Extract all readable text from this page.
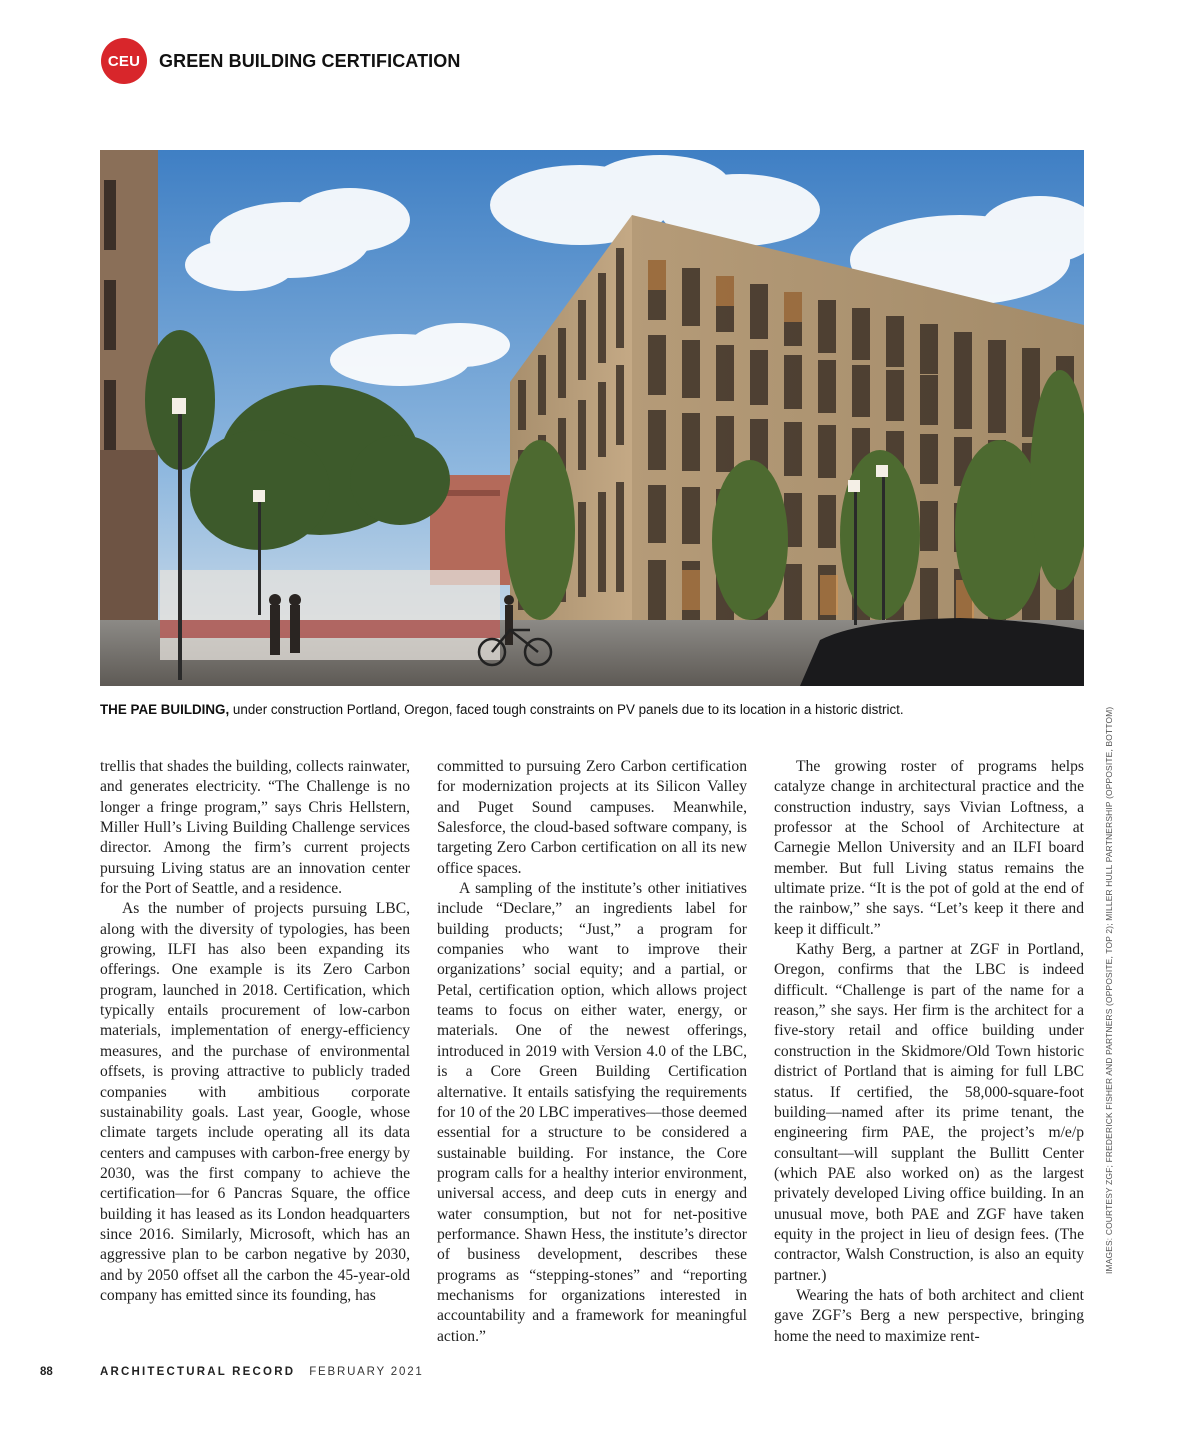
CEU	GREEN BUILDING CERTIFICATION
THE PAE BUILDING, under construction Portland, Oregon, faced tough constraints on PV panels due to its location in a historic district.

trellis that shades the building, collects rainwater, and generates electricity. “The Challenge is no longer a fringe program,” says Chris Hellstern, Miller Hull’s Living Building Challenge services director. Among the firm’s current projects pursuing Living status are an innovation center for the Port of Seattle, and a residence.

As the number of projects pursuing LBC, along with the diversity of typologies, has been growing, ILFI has also been expanding its offerings. One example is its Zero Carbon program, launched in 2018. Certification, which typically entails procurement of low-carbon materials, implementation of energy-efficiency measures, and the purchase of environmental offsets, is proving attractive to publicly traded companies with ambitious corporate sustainability goals. Last year, Google, whose climate targets include operating all its data centers and campuses with carbon-free energy by 2030, was the first company to achieve the certification—for 6 Pancras Square, the office building it has leased as its London headquarters since 2016. Similarly, Microsoft, which has an aggressive plan to be carbon negative by 2030, and by 2050 offset all the carbon the 45-year-old company has emitted since its founding, has

committed to pursuing Zero Carbon certification for modernization projects at its Silicon Valley and Puget Sound campuses. Meanwhile, Salesforce, the cloud-based software company, is targeting Zero Carbon certification on all its new office spaces.

A sampling of the institute’s other initiatives include “Declare,” an ingredients label for building products; “Just,” a program for companies who want to improve their organizations’ social equity; and a partial, or Petal, certification option, which allows project teams to focus on either water, energy, or materials. One of the newest offerings, introduced in 2019 with Version 4.0 of the LBC, is a Core Green Building Certification alternative. It entails satisfying the requirements for 10 of the 20 LBC imperatives—those deemed essential for a structure to be considered a sustainable building. For instance, the Core program calls for a healthy interior environment, universal access, and deep cuts in energy and water consumption, but not for net-positive performance. Shawn Hess, the institute’s director of business development, describes these programs as “stepping-stones” and “reporting mechanisms for organizations interested in accountability and a framework for meaningful action.”

The growing roster of programs helps catalyze change in architectural practice and the construction industry, says Vivian Loftness, a professor at the School of Architecture at Carnegie Mellon University and an ILFI board member. But full Living status remains the ultimate prize. “It is the pot of gold at the end of the rainbow,” she says. “Let’s keep it there and keep it difficult.”

Kathy Berg, a partner at ZGF in Portland, Oregon, confirms that the LBC is indeed difficult. “Challenge is part of the name for a reason,” she says. Her firm is the architect for a five-story retail and office building under construction in the Skidmore/Old Town historic district of Portland that is aiming for full LBC status. If certified, the 58,000-square-foot building—named after its prime tenant, the engineering firm PAE, the project’s m/e/p consultant—will supplant the Bullitt Center (which PAE also worked on) as the largest privately developed Living office building. In an unusual move, both PAE and ZGF have taken equity in the project in lieu of design fees. (The contractor, Walsh Construction, is also an equity partner.)

Wearing the hats of both architect and client gave ZGF’s Berg a new perspective, bringing home the need to maximize rent-

IMAGES: COURTESY ZGF; FREDERICK FISHER AND PARTNERS (OPPOSITE, TOP 2); MILLER HULL PARTNERSHIP (OPPOSITE, BOTTOM)
88	ARCHITECTURAL RECORD FEBRUARY 2021
